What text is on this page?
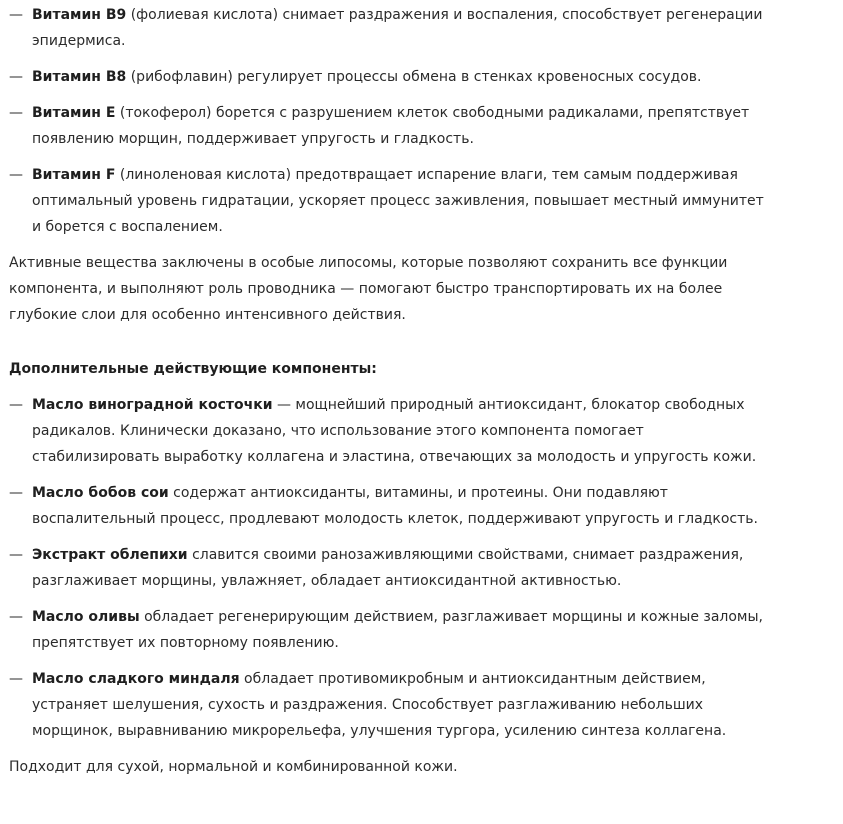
— Витамин В9 (фолиевая кислота) снимает раздражения и воспаления, способствует регенерации эпидермиса.
— Витамин В8 (рибофлавин) регулирует процессы обмена в стенках кровеносных сосудов.
— Витамин Е (токоферол) борется с разрушением клеток свободными радикалами, препятствует появлению морщин, поддерживает упругость и гладкость.
— Витамин F (линоленовая кислота) предотвращает испарение влаги, тем самым поддерживая оптимальный уровень гидратации, ускоряет процесс заживления, повышает местный иммунитет и борется с воспалением.

Активные вещества заключены в особые липосомы, которые позволяют сохранить все функции компонента, и выполняют роль проводника — помогают быстро транспортировать их на более глубокие слои для особенно интенсивного действия.

Дополнительные действующие компоненты:
— Масло виноградной косточки — мощнейший природный антиоксидант, блокатор свободных радикалов. Клинически доказано, что использование этого компонента помогает стабилизировать выработку коллагена и эластина, отвечающих за молодость и упругость кожи.
— Масло бобов сои содержат антиоксиданты, витамины, и протеины. Они подавляют воспалительный процесс, продлевают молодость клеток, поддерживают упругость и гладкость.
— Экстракт облепихи славится своими ранозаживляющими свойствами, снимает раздражения, разглаживает морщины, увлажняет, обладает антиоксидантной активностью.
— Масло оливы обладает регенерирующим действием, разглаживает морщины и кожные заломы, препятствует их повторному появлению.
— Масло сладкого миндаля обладает противомикробным и антиоксидантным действием, устраняет шелушения, сухость и раздражения. Способствует разглаживанию небольших морщинок, выравниванию микрорельефа, улучшения тургора, усилению синтеза коллагена.

Подходит для сухой, нормальной и комбинированной кожи.
